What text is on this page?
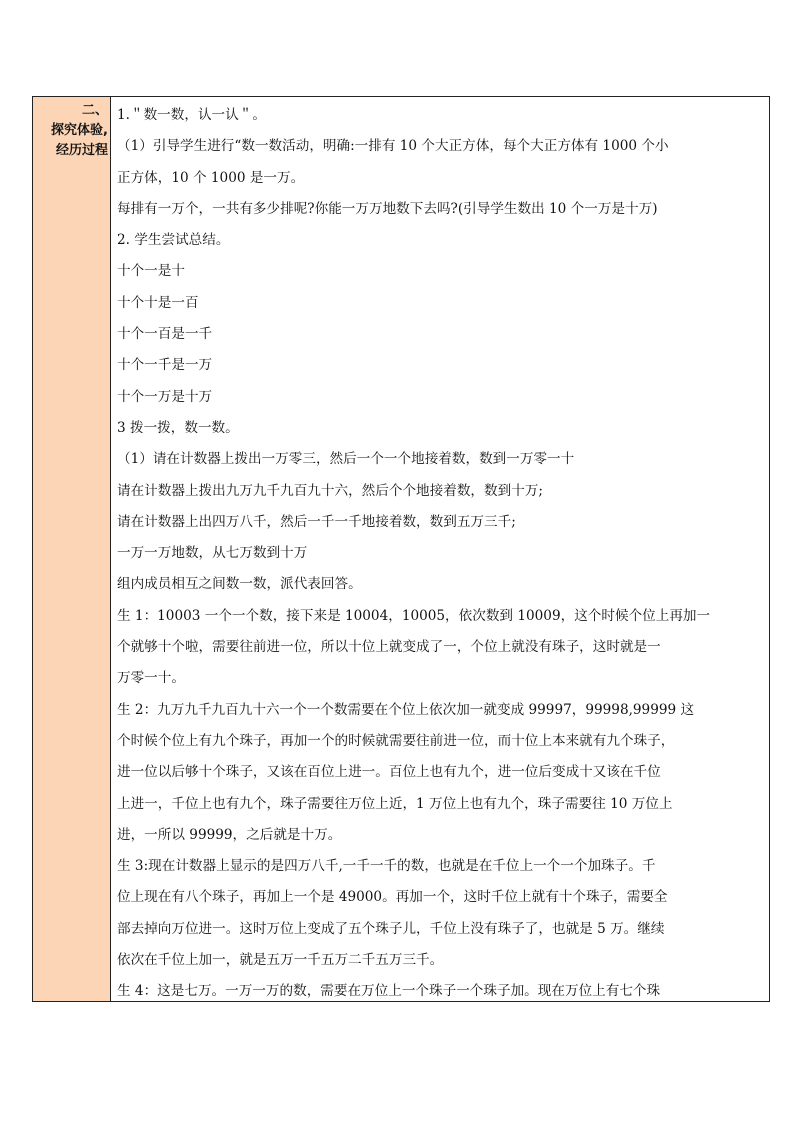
二、
探究体验,
经历过程

1.＂数一数，认一认＂。

（1）引导学生进行“数一数活动，明确:一排有 10 个大正方体，每个大正方体有 1000 个小

正方体，10 个 1000 是一万。

每排有一万个，一共有多少排呢?你能一万万地数下去吗?(引导学生数出 10 个一万是十万)

2. 学生尝试总结。

十个一是十

十个十是一百

十个一百是一千

十个一千是一万

十个一万是十万

3 拨一拨，数一数。

（1）请在计数器上拨出一万零三，然后一个一个地接着数，数到一万零一十

请在计数器上拨出九万九千九百九十六，然后个个地接着数，数到十万;

请在计数器上出四万八千，然后一千一千地接着数，数到五万三千;

一万一万地数，从七万数到十万

组内成员相互之间数一数，派代表回答。

生 1：10003 一个一个数，接下来是 10004，10005，依次数到 10009，这个时候个位上再加一

个就够十个啦，需要往前进一位，所以十位上就变成了一，个位上就没有珠子，这时就是一

万零一十。

生 2：九万九千九百九十六一个一个数需要在个位上依次加一就变成 99997，99998,99999 这

个时候个位上有九个珠子，再加一个的时候就需要往前进一位，而十位上本来就有九个珠子，

进一位以后够十个珠子，又该在百位上进一。百位上也有九个，进一位后变成十又该在千位

上进一，千位上也有九个，珠子需要往万位上近，1 万位上也有九个，珠子需要往 10 万位上

进，一所以 99999，之后就是十万。

生 3:现在计数器上显示的是四万八千,一千一千的数，也就是在千位上一个一个加珠子。千

位上现在有八个珠子，再加上一个是 49000。再加一个，这时千位上就有十个珠子，需要全

部去掉向万位进一。这时万位上变成了五个珠子儿，千位上没有珠子了，也就是 5 万。继续

依次在千位上加一，就是五万一千五万二千五万三千。

生 4：这是七万。一万一万的数，需要在万位上一个珠子一个珠子加。现在万位上有七个珠
